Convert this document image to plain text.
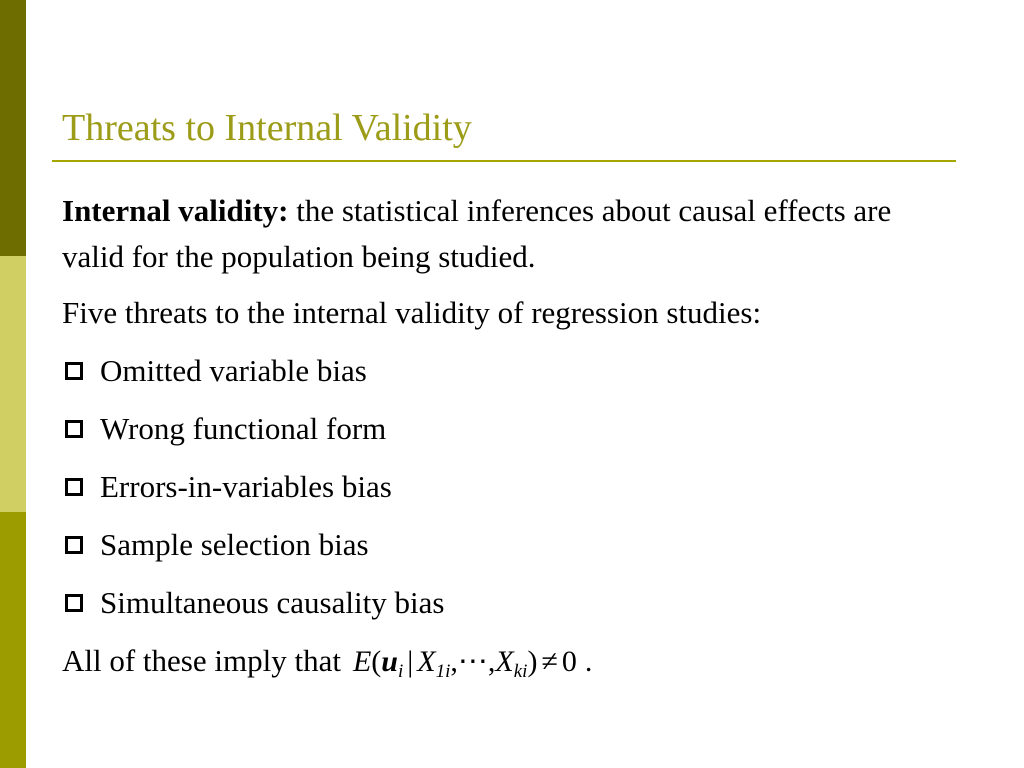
Threats to Internal Validity

Internal validity: the statistical inferences about causal effects are valid for the population being studied.

Five threats to the internal validity of regression studies:

Omitted variable bias
Wrong functional form
Errors-in-variables bias
Sample selection bias
Simultaneous causality bias

All of these imply that $E(u_i$ | $X_{1i},\cdots,X_{ki}) \ne 0$ .
